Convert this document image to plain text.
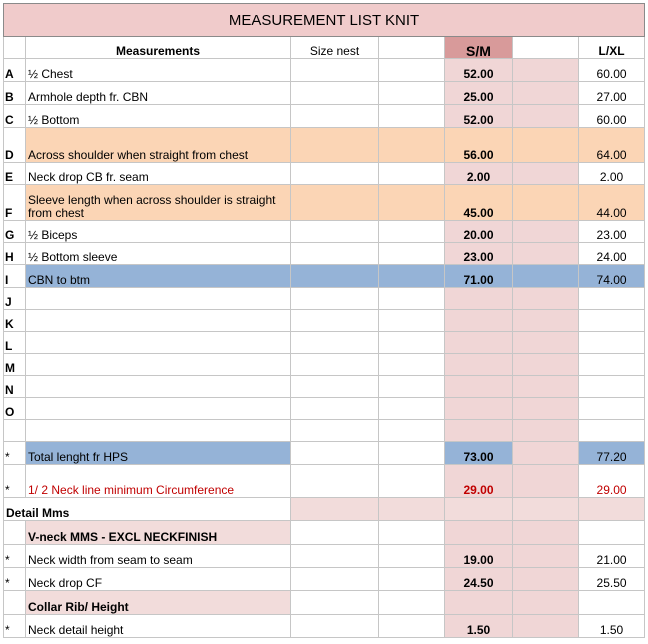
MEASUREMENT LIST KNIT						
	Measurements	Size nest	XS	S/M	M	L/XL
A	½ Chest			52.00		60.00
B	Armhole depth fr. CBN			25.00		27.00
C	½ Bottom			52.00		60.00
D	Across shoulder when straight from chest			56.00		64.00
E	Neck drop CB fr. seam			2.00		2.00
F	Sleeve length when across shoulder is straight from chest			45.00		44.00
G	½ Biceps			20.00		23.00
H	½ Bottom sleeve			23.00		24.00
I	CBN to btm			71.00		74.00
J						
K						
L						
M						
N						
O						

*	Total lenght fr HPS			73.00		77.20
*	1/ 2 Neck line minimum Circumference			29.00		29.00
Detail Mms						
	V-neck MMS - EXCL NECKFINISH					
*	Neck width from seam to seam			19.00		21.00
*	Neck drop CF			24.50		25.50
	Collar Rib/ Height					
*	Neck detail height			1.50		1.50
